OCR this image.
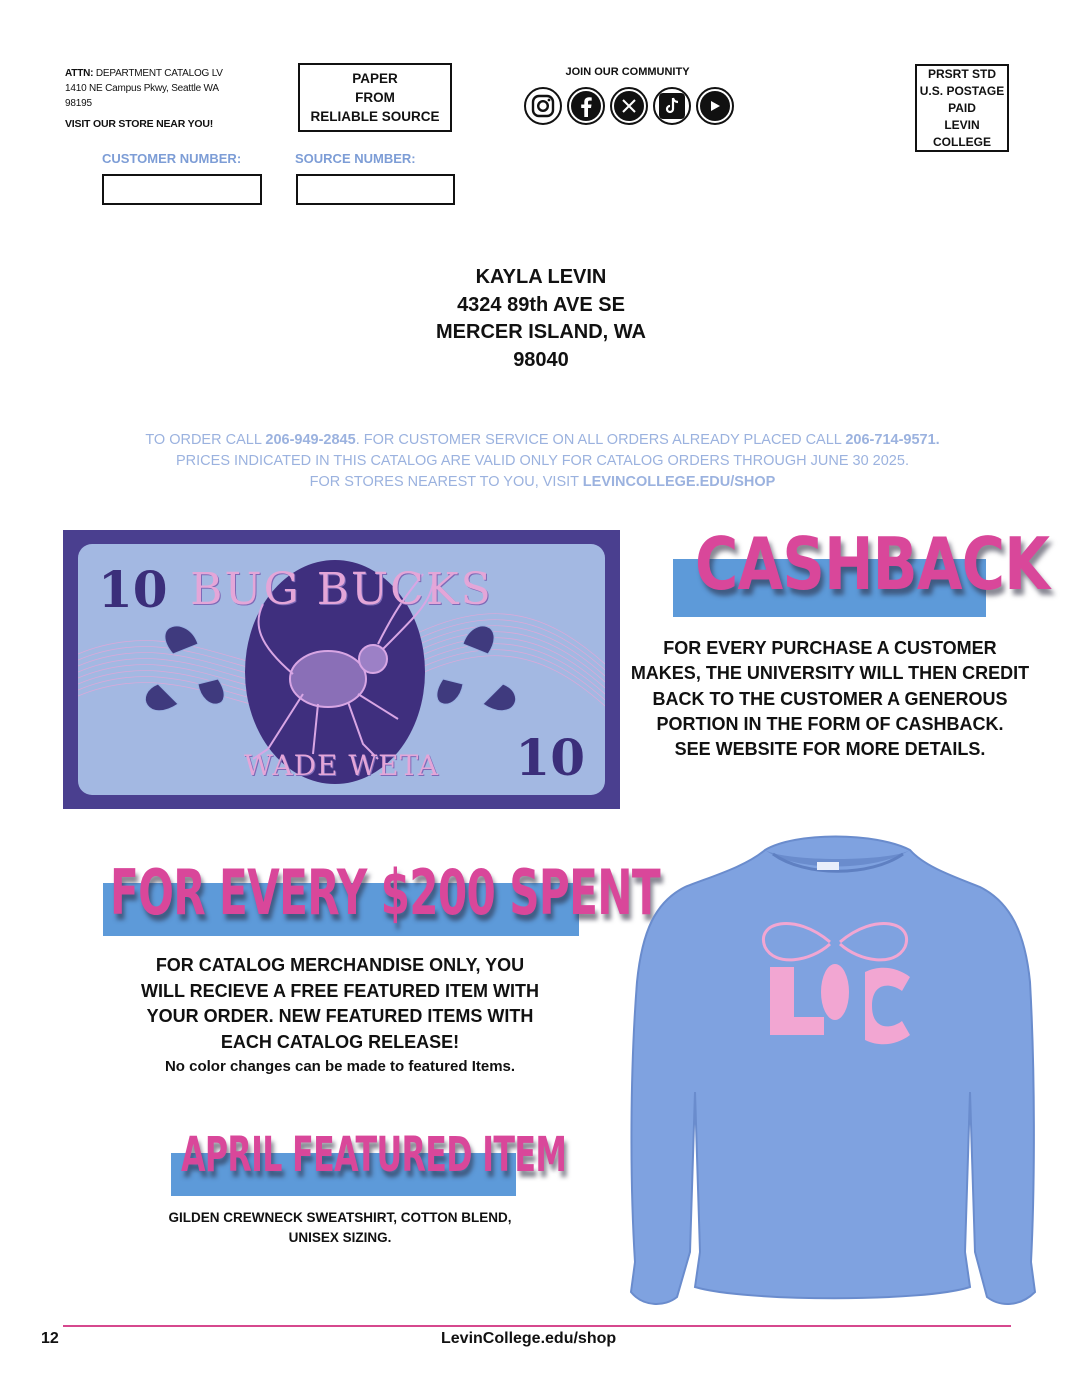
ATTN: DEPARTMENT CATALOG LV
1410 NE Campus Pkwy, Seattle WA
98195
VISIT OUR STORE NEAR YOU!
PAPER
FROM
RELIABLE SOURCE
JOIN OUR COMMUNITY	PRSRT STD
U.S. POSTAGE
PAID
LEVIN
COLLEGE
CUSTOMER NUMBER:	SOURCE NUMBER:
KAYLA LEVIN
4324 89th AVE SE
MERCER ISLAND, WA
98040
TO ORDER CALL 206-949-2845. FOR CUSTOMER SERVICE ON ALL ORDERS ALREADY PLACED CALL 206-714-9571.
PRICES INDICATED IN THIS CATALOG ARE VALID ONLY FOR CATALOG ORDERS THROUGH JUNE 30 2025.
FOR STORES NEAREST TO YOU, VISIT LEVINCOLLEGE.EDU/SHOP
10
10
BUG BUCKS
WADE WETA
CASHBACK
FOR EVERY PURCHASE A CUSTOMER
MAKES, THE UNIVERSITY WILL THEN CREDIT
BACK TO THE CUSTOMER A GENEROUS
PORTION IN THE FORM OF CASHBACK.
SEE WEBSITE FOR MORE DETAILS.
FOR EVERY $200 SPENT
FOR CATALOG MERCHANDISE ONLY, YOU
WILL RECIEVE A FREE FEATURED ITEM WITH
YOUR ORDER. NEW FEATURED ITEMS WITH
EACH CATALOG RELEASE!
No color changes can be made to featured Items.
APRIL FEATURED ITEM
GILDEN CREWNECK SWEATSHIRT, COTTON BLEND,
UNISEX SIZING.
12	LevinCollege.edu/shop
